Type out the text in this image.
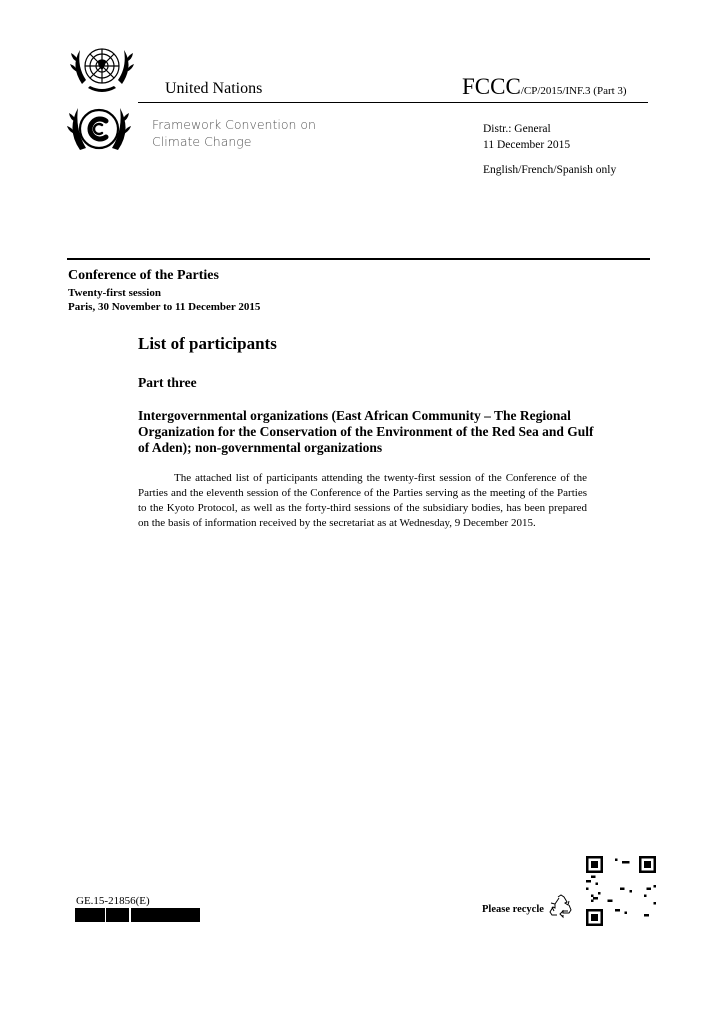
United Nations	FCCC/CP/2015/INF.3 (Part 3)
Framework Convention on
Climate Change
Distr.: General
11 December 2015
English/French/Spanish only
Conference of the Parties
Twenty-first session
Paris, 30 November to 11 December 2015
List of participants
Part three
Intergovernmental organizations (East African Community – The Regional Organization for the Conservation of the Environment of the Red Sea and Gulf of Aden); non-governmental organizations
The attached list of participants attending the twenty-first session of the Conference of the Parties and the eleventh session of the Conference of the Parties serving as the meeting of the Parties to the Kyoto Protocol, as well as the forty-third sessions of the subsidiary bodies, has been prepared on the basis of information received by the secretariat as at Wednesday, 9 December 2015.
GE.15-21856(E)
Please recycle
